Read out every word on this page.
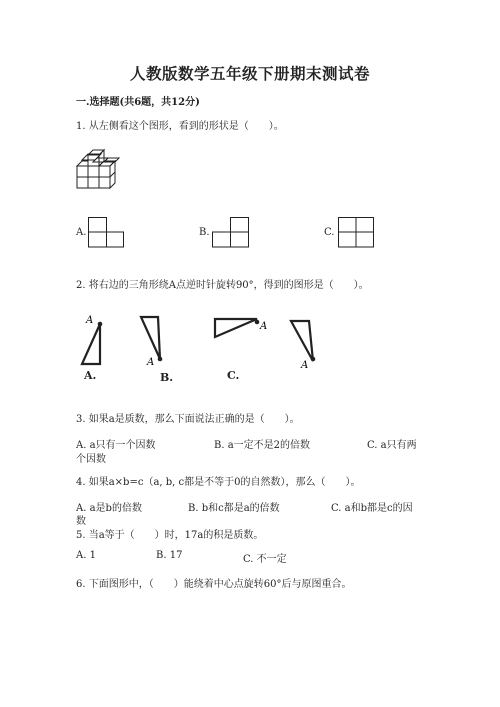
人教版数学五年级下册期末测试卷
一.选择题(共6题，共12分)
1. 从左侧看这个图形，看到的形状是（　　）。
A.	B.	C.
2. 将右边的三角形绕A点逆时针旋转90°，得到的图形是（　　）。
A
A.
A
B.
A
C.
A
3. 如果a是质数，那么下面说法正确的是（　　）。
A. a只有一个因数	B. a一定不是2的倍数	C. a只有两
个因数
4. 如果a×b=c（a, b, c都是不等于0的自然数），那么（　　）。
A. a是b的倍数	B. b和c都是a的倍数	C. a和b都是c的因
数
5. 当a等于（　　）时，17a的积是质数。
A. 1	B. 17	C. 不一定
6. 下面图形中，（　　）能绕着中心点旋转60°后与原图重合。
